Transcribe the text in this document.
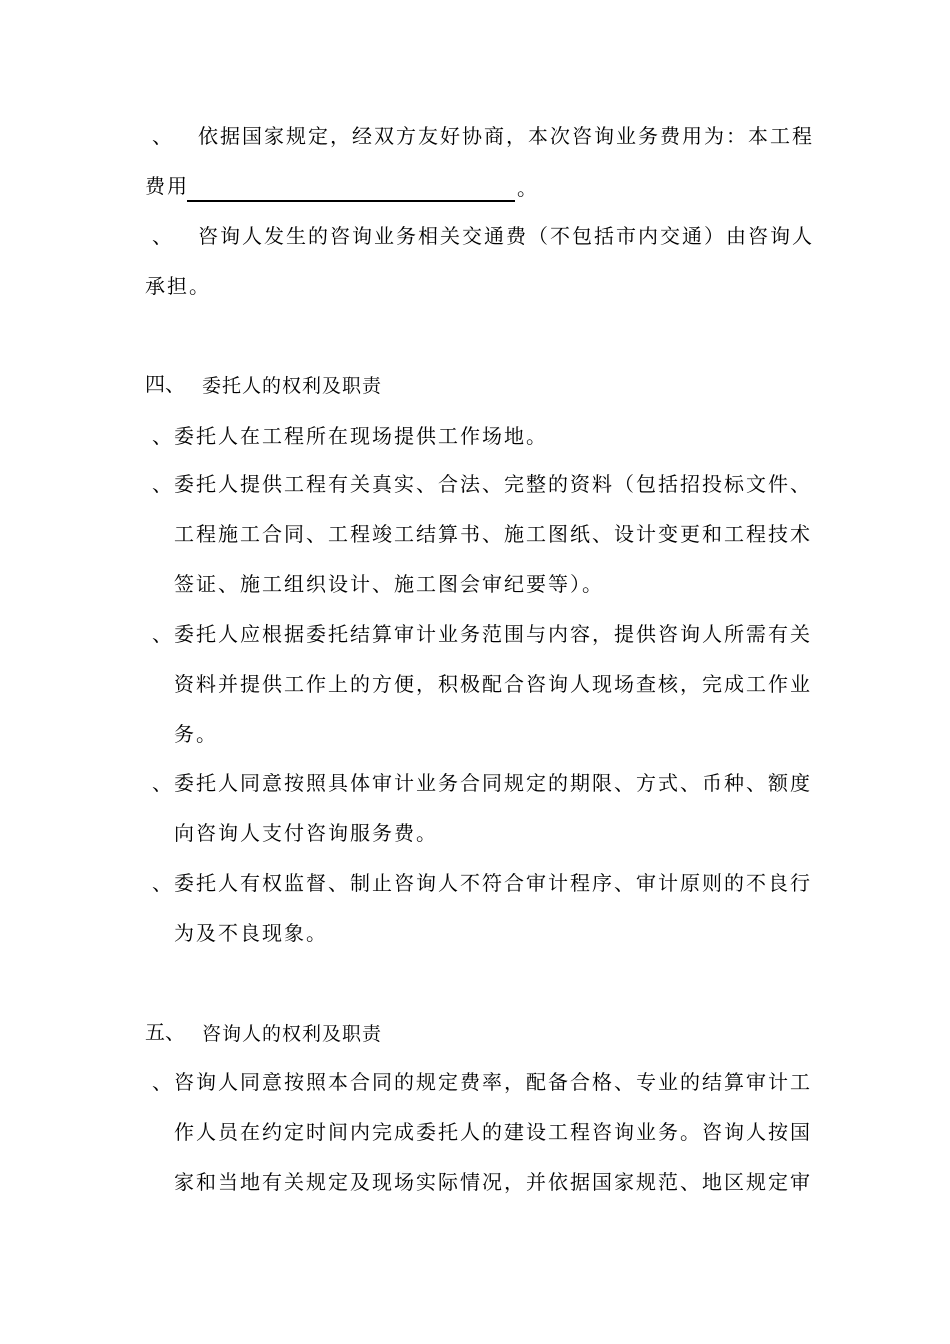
、 依据国家规定，经双方友好协商，本次咨询业务费用为：本工程
费用	。
、 咨询人发生的咨询业务相关交通费（不包括市内交通）由咨询人
承担。
四、 委托人的权利及职责
、委托人在工程所在现场提供工作场地。
、委托人提供工程有关真实、合法、完整的资料（包括招投标文件、
工程施工合同、工程竣工结算书、施工图纸、设计变更和工程技术
签证、施工组织设计、施工图会审纪要等）。
、委托人应根据委托结算审计业务范围与内容，提供咨询人所需有关
资料并提供工作上的方便，积极配合咨询人现场查核，完成工作业
务。
、委托人同意按照具体审计业务合同规定的期限、方式、币种、额度
向咨询人支付咨询服务费。
、委托人有权监督、制止咨询人不符合审计程序、审计原则的不良行
为及不良现象。
五、 咨询人的权利及职责
、咨询人同意按照本合同的规定费率，配备合格、专业的结算审计工
作人员在约定时间内完成委托人的建设工程咨询业务。咨询人按国
家和当地有关规定及现场实际情况，并依据国家规范、地区规定审
